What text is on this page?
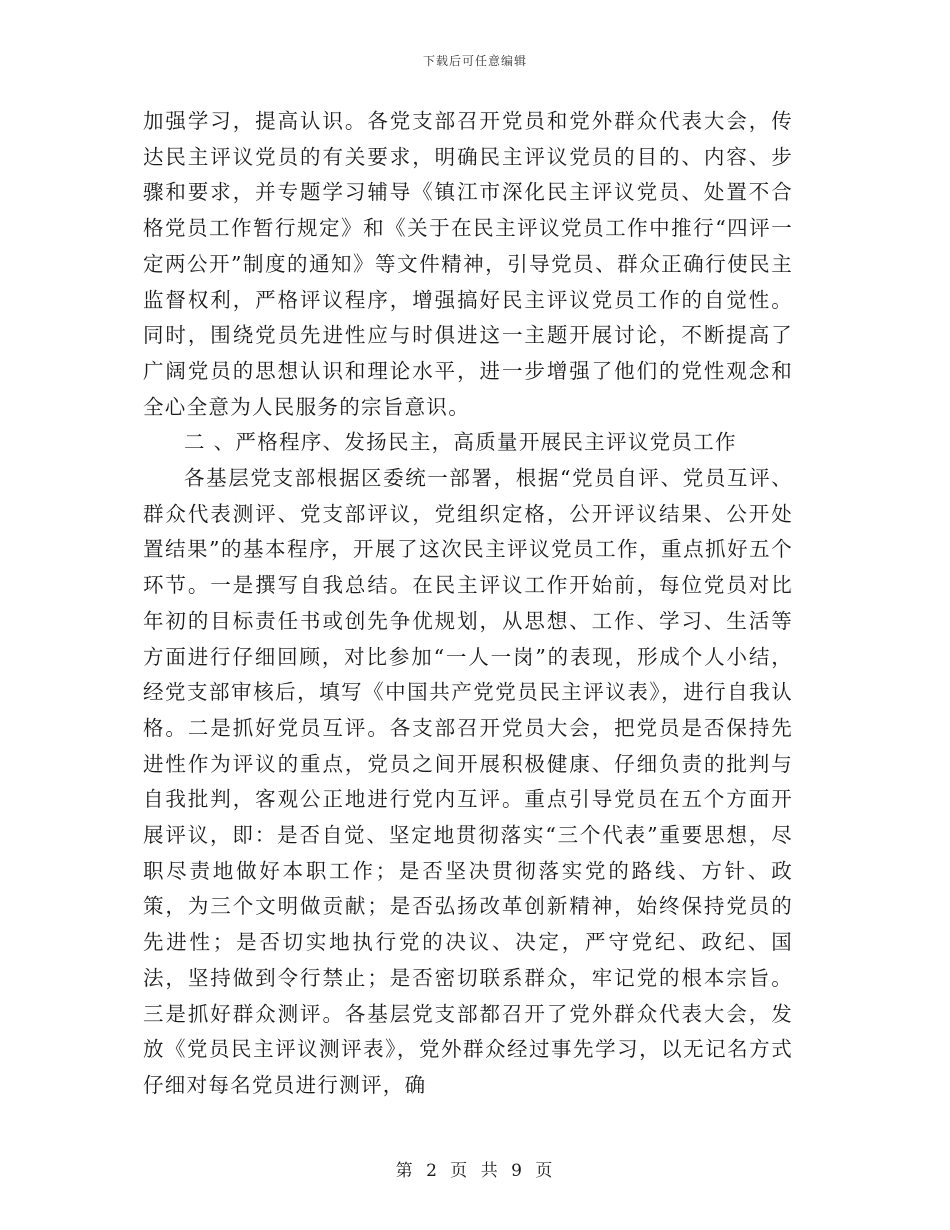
下载后可任意编辑

加强学习，提高认识。各党支部召开党员和党外群众代表大会，传达民主评议党员的有关要求，明确民主评议党员的目的、内容、步骤和要求，并专题学习辅导《镇江市深化民主评议党员、处置不合格党员工作暂行规定》和《关于在民主评议党员工作中推行“四评一定两公开”制度的通知》等文件精神，引导党员、群众正确行使民主监督权利，严格评议程序，增强搞好民主评议党员工作的自觉性。同时，围绕党员先进性应与时俱进这一主题开展讨论，不断提高了广阔党员的思想认识和理论水平，进一步增强了他们的党性观念和全心全意为人民服务的宗旨意识。

二 、严格程序、发扬民主，高质量开展民主评议党员工作

各基层党支部根据区委统一部署，根据“党员自评、党员互评、群众代表测评、党支部评议，党组织定格，公开评议结果、公开处置结果”的基本程序，开展了这次民主评议党员工作，重点抓好五个环节。一是撰写自我总结。在民主评议工作开始前，每位党员对比年初的目标责任书或创先争优规划，从思想、工作、学习、生活等方面进行仔细回顾，对比参加“一人一岗”的表现，形成个人小结，经党支部审核后，填写《中国共产党党员民主评议表》，进行自我认格。二是抓好党员互评。各支部召开党员大会，把党员是否保持先进性作为评议的重点，党员之间开展积极健康、仔细负责的批判与自我批判，客观公正地进行党内互评。重点引导党员在五个方面开展评议，即：是否自觉、坚定地贯彻落实“三个代表”重要思想，尽职尽责地做好本职工作；是否坚决贯彻落实党的路线、方针、政策，为三个文明做贡献；是否弘扬改革创新精神，始终保持党员的先进性；是否切实地执行党的决议、决定，严守党纪、政纪、国法，坚持做到令行禁止；是否密切联系群众，牢记党的根本宗旨。三是抓好群众测评。各基层党支部都召开了党外群众代表大会，发放《党员民主评议测评表》，党外群众经过事先学习，以无记名方式仔细对每名党员进行测评，确

第 2 页 共 9 页
